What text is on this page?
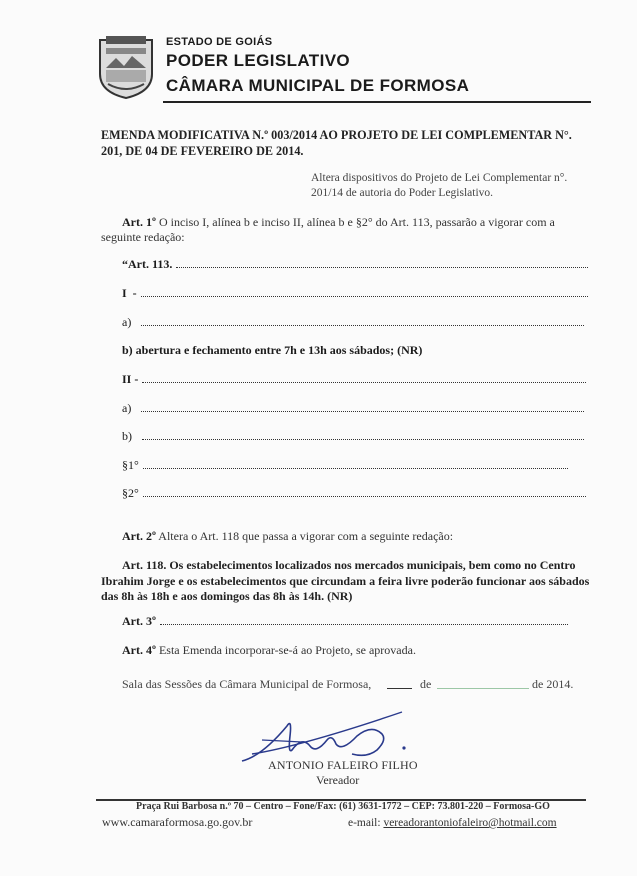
ESTADO DE GOIÁS
PODER LEGISLATIVO
CÂMARA MUNICIPAL DE FORMOSA
EMENDA MODIFICATIVA N.º 003/2014 AO PROJETO DE LEI COMPLEMENTAR N°. 201, DE 04 DE FEVEREIRO DE 2014.
Altera dispositivos do Projeto de Lei Complementar n°. 201/14 de autoria do Poder Legislativo.
Art. 1º O inciso I, alínea b e inciso II, alínea b e §2° do Art. 113, passarão a vigorar com a seguinte redação:
“Art. 113.
I  -
a)
b) abertura e fechamento entre 7h e 13h aos sábados; (NR)
II -
a)
b)
§1°
§2°
Art. 2º Altera o Art. 118 que passa a vigorar com a seguinte redação:
Art. 118. Os estabelecimentos localizados nos mercados municipais, bem como no Centro Ibrahim Jorge e os estabelecimentos que circundam a feira livre poderão funcionar aos sábados das 8h às 18h e aos domingos das 8h às 14h. (NR)
Art. 3º
Art. 4º Esta Emenda incorporar-se-á ao Projeto, se aprovada.
Sala das Sessões da Câmara Municipal de Formosa,	de	de 2014.
ANTONIO FALEIRO FILHO
Vereador
Praça Rui Barbosa n.º 70 – Centro – Fone/Fax: (61) 3631-1772 – CEP: 73.801-220 – Formosa-GO
www.camaraformosa.go.gov.br	e-mail: vereadorantoniofaleiro@hotmail.com
